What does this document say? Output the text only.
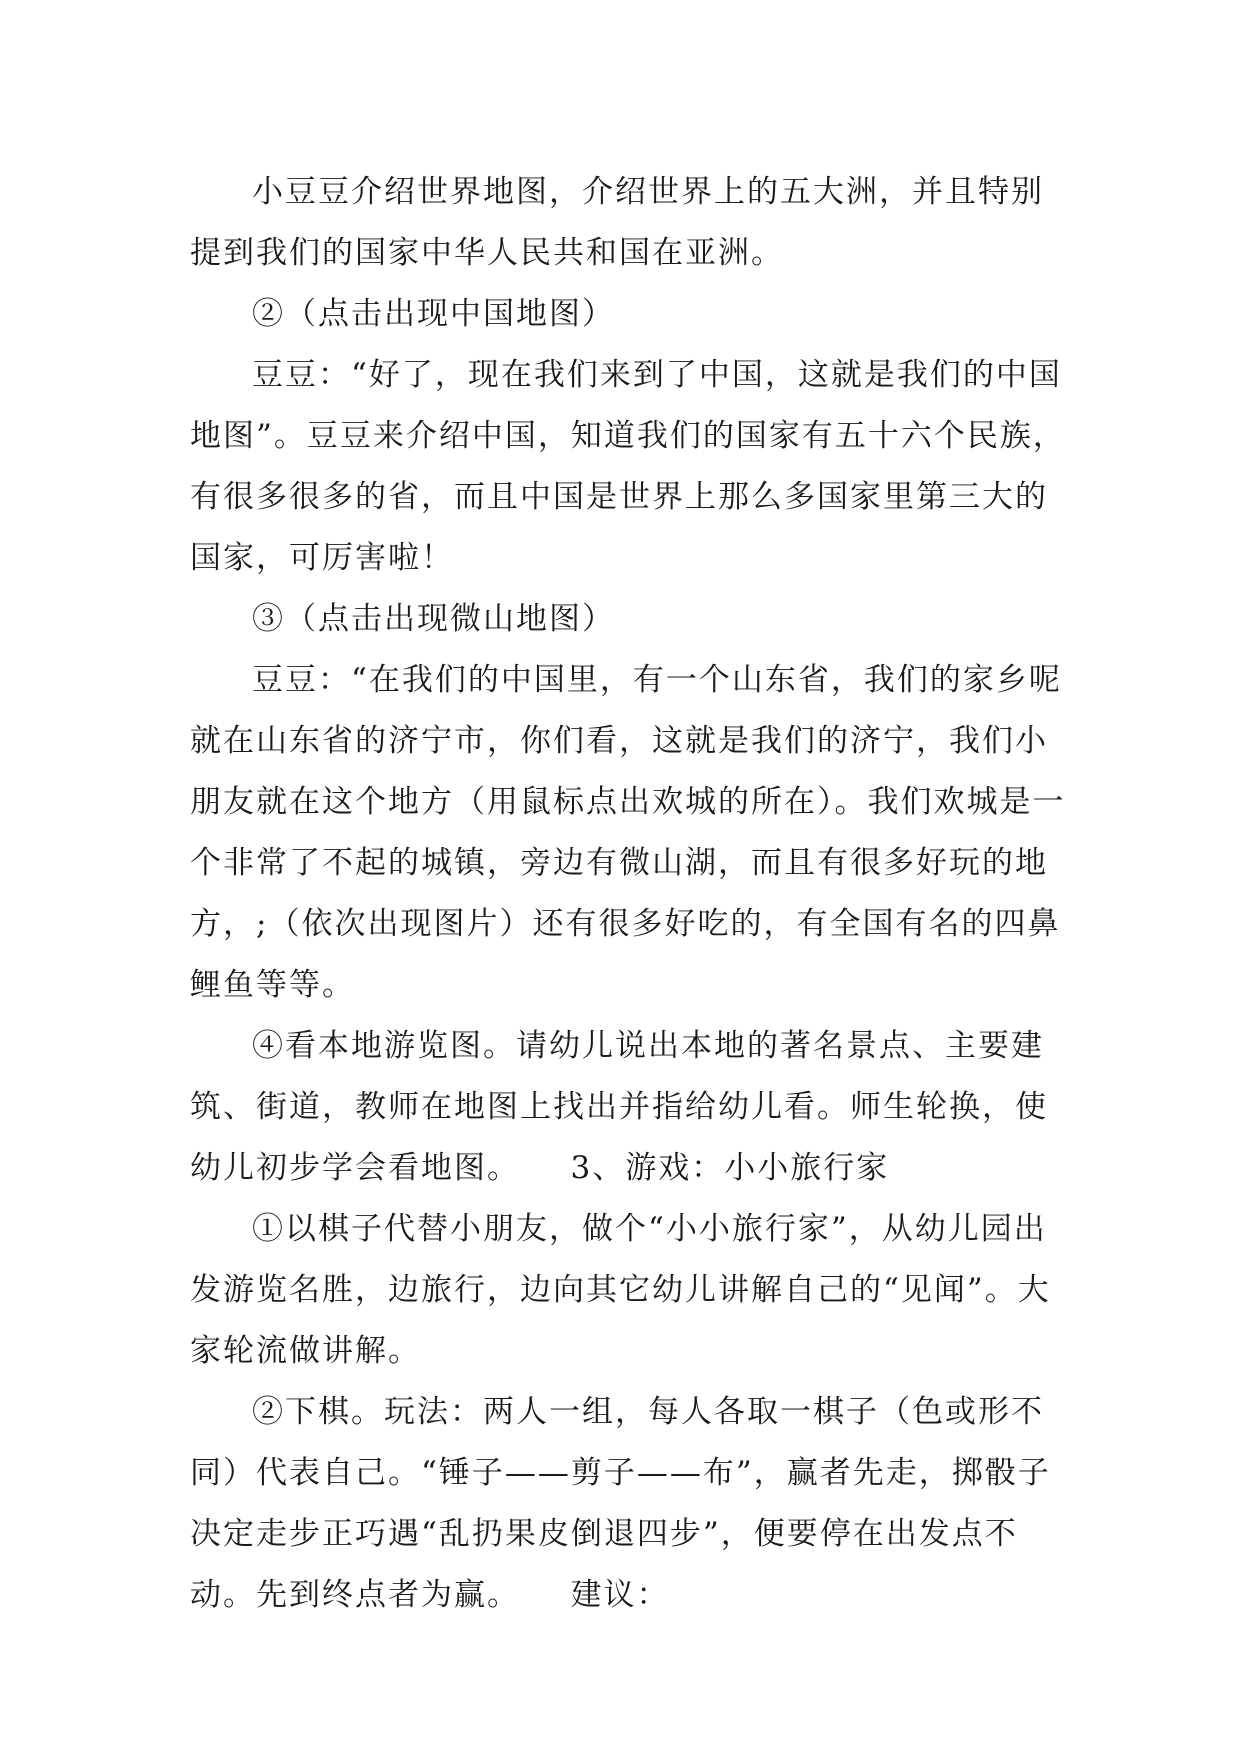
小豆豆介绍世界地图，介绍世界上的五大洲，并且特别提到我们的国家中华人民共和国在亚洲。

②（点击出现中国地图）

豆豆：“好了，现在我们来到了中国，这就是我们的中国地图”。豆豆来介绍中国，知道我们的国家有五十六个民族，有很多很多的省，而且中国是世界上那么多国家里第三大的国家，可厉害啦！

③（点击出现微山地图）

豆豆：“在我们的中国里，有一个山东省，我们的家乡呢就在山东省的济宁市，你们看，这就是我们的济宁，我们小朋友就在这个地方（用鼠标点出欢城的所在）。我们欢城是一个非常了不起的城镇，旁边有微山湖，而且有很多好玩的地方，;（依次出现图片）还有很多好吃的，有全国有名的四鼻鲤鱼等等。

④看本地游览图。请幼儿说出本地的著名景点、主要建筑、街道，教师在地图上找出并指给幼儿看。师生轮换，使幼儿初步学会看地图。　　3、游戏：小小旅行家

①以棋子代替小朋友，做个“小小旅行家”，从幼儿园出发游览名胜，边旅行，边向其它幼儿讲解自己的“见闻”。大家轮流做讲解。

②下棋。玩法：两人一组，每人各取一棋子（色或形不同）代表自己。“锤子——剪子——布”，赢者先走，掷骰子决定走步正巧遇“乱扔果皮倒退四步”，便要停在出发点不动。先到终点者为赢。　　建议：
